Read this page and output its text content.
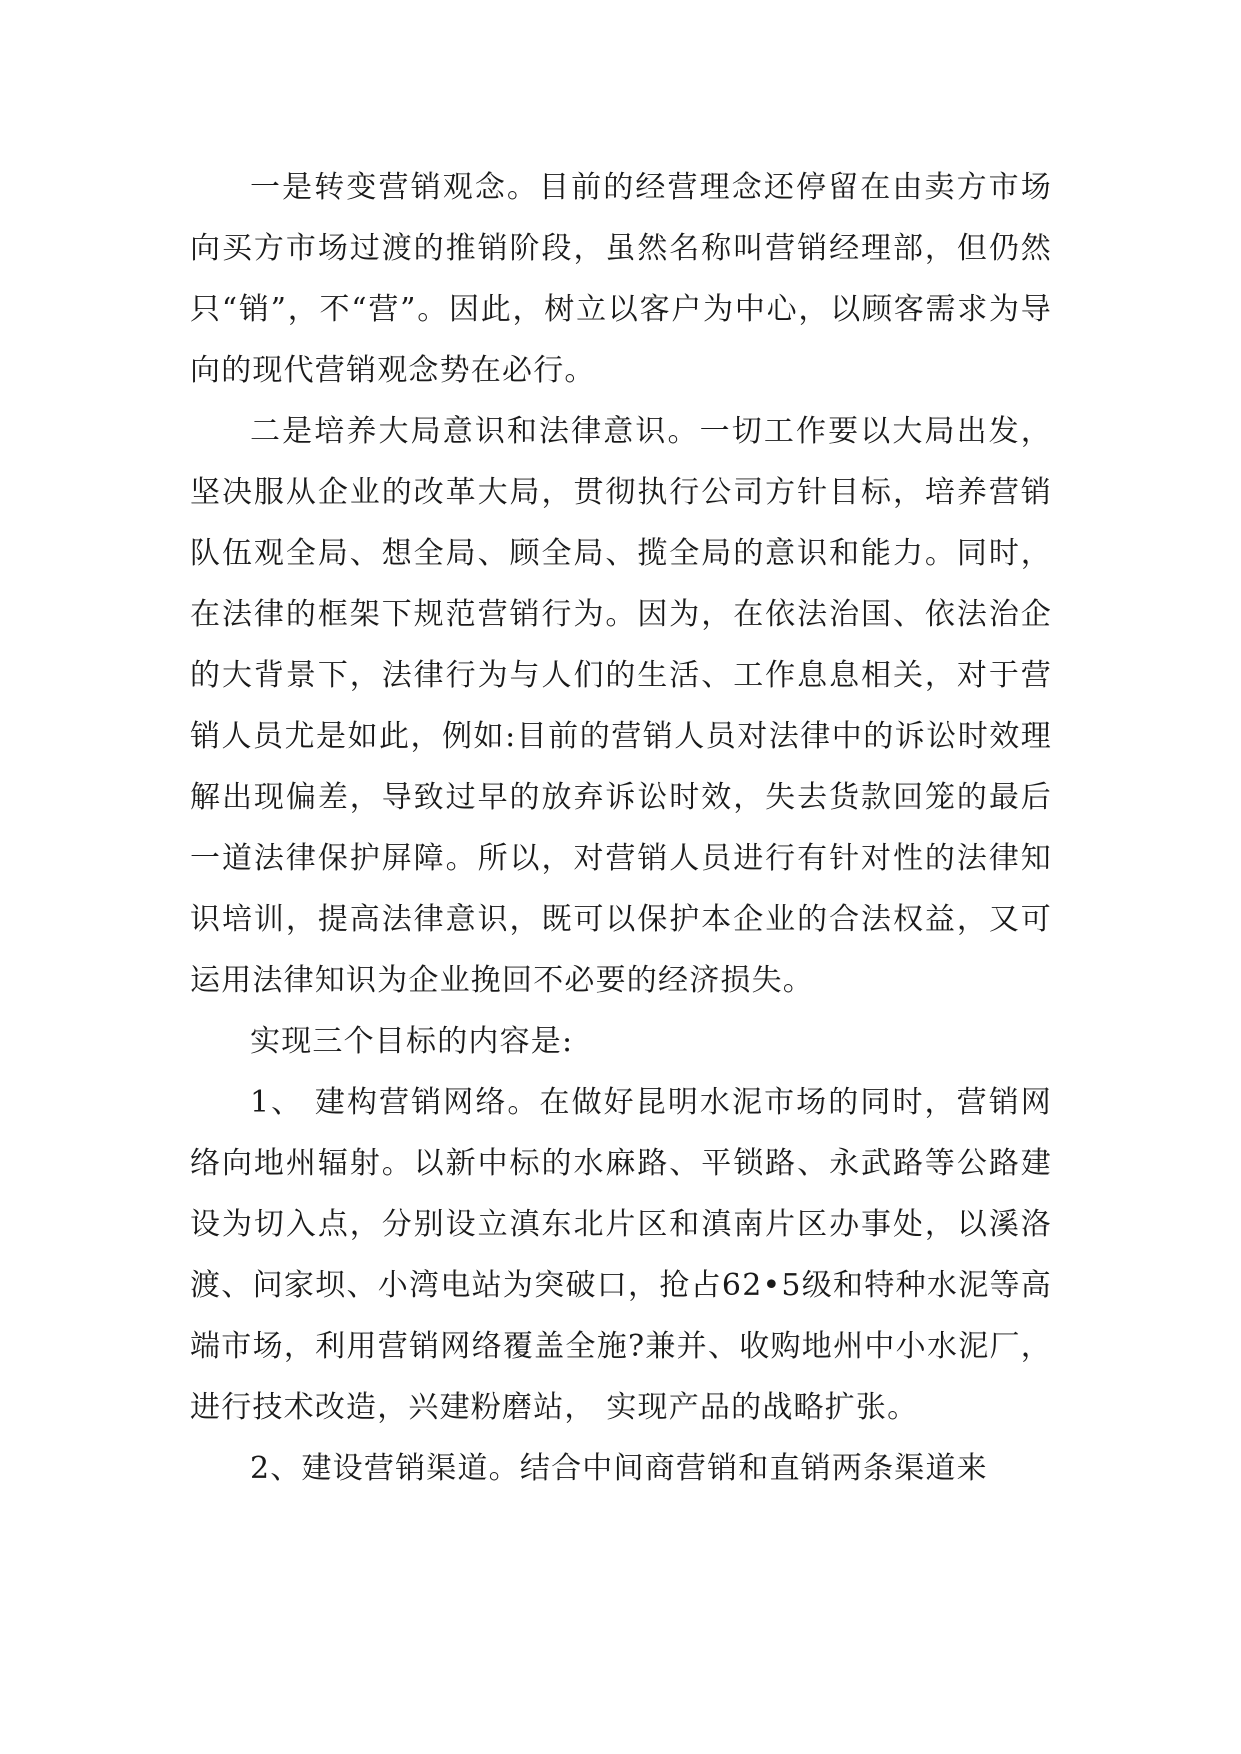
一是转变营销观念。目前的经营理念还停留在由卖方市场向买方市场过渡的推销阶段，虽然名称叫营销经理部，但仍然只“销”，不“营”。因此，树立以客户为中心，以顾客需求为导向的现代营销观念势在必行。

二是培养大局意识和法律意识。一切工作要以大局出发，坚决服从企业的改革大局，贯彻执行公司方针目标，培养营销队伍观全局、想全局、顾全局、揽全局的意识和能力。同时，在法律的框架下规范营销行为。因为，在依法治国、依法治企的大背景下，法律行为与人们的生活、工作息息相关，对于营销人员尤是如此，例如:目前的营销人员对法律中的诉讼时效理解出现偏差，导致过早的放弃诉讼时效，失去货款回笼的最后一道法律保护屏障。所以，对营销人员进行有针对性的法律知识培训，提高法律意识，既可以保护本企业的合法权益，又可运用法律知识为企业挽回不必要的经济损失。

实现三个目标的内容是:

1、 建构营销网络。在做好昆明水泥市场的同时，营销网络向地州辐射。以新中标的水麻路、平锁路、永武路等公路建设为切入点，分别设立滇东北片区和滇南片区办事处，以溪洛渡、问家坝、小湾电站为突破口，抢占62•5级和特种水泥等高端市场，利用营销网络覆盖全施?兼并、收购地州中小水泥厂，进行技术改造，兴建粉磨站， 实现产品的战略扩张。

2、建设营销渠道。结合中间商营销和直销两条渠道来
